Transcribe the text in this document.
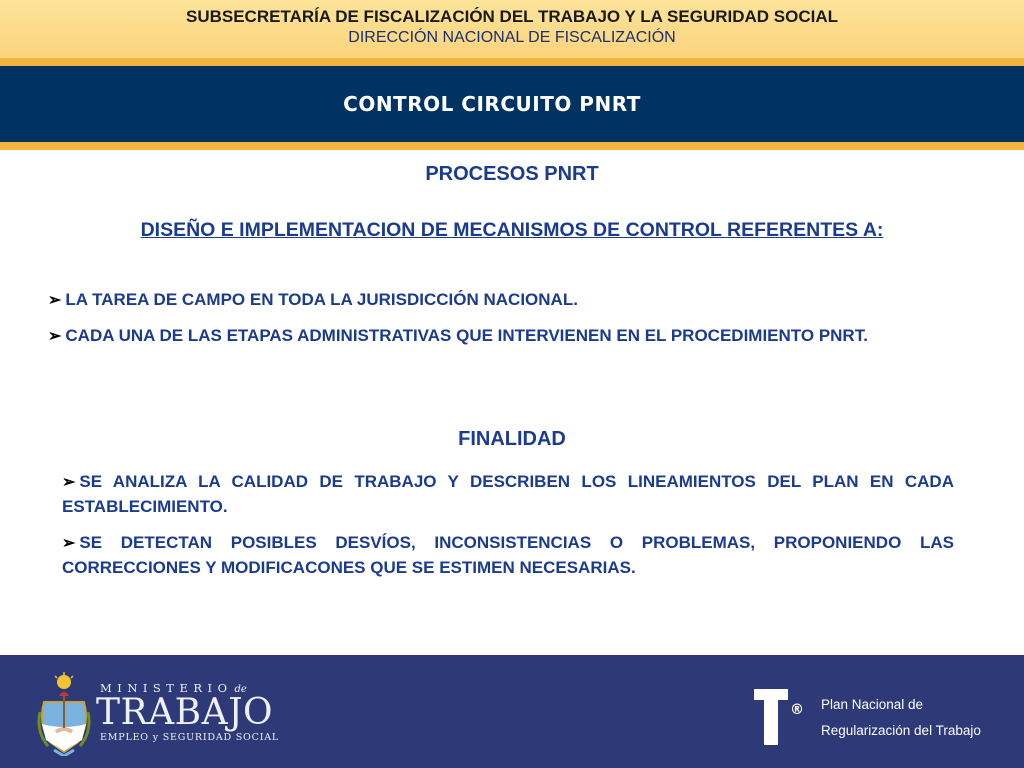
SUBSECRETARÍA DE FISCALIZACIÓN DEL TRABAJO Y LA SEGURIDAD SOCIAL
DIRECCIÓN NACIONAL DE FISCALIZACIÓN
CONTROL CIRCUITO PNRT
PROCESOS PNRT
DISEÑO E IMPLEMENTACION DE MECANISMOS DE CONTROL REFERENTES A:
➢ LA TAREA DE CAMPO EN TODA LA JURISDICCIÓN NACIONAL.
➢ CADA UNA DE LAS ETAPAS ADMINISTRATIVAS QUE INTERVIENEN EN EL PROCEDIMIENTO PNRT.
FINALIDAD
➢ SE ANALIZA LA CALIDAD DE TRABAJO Y DESCRIBEN LOS LINEAMIENTOS DEL PLAN EN CADA ESTABLECIMIENTO.
➢ SE DETECTAN POSIBLES DESVÍOS, INCONSISTENCIAS O PROBLEMAS, PROPONIENDO LAS CORRECCIONES Y MODIFICACONES QUE SE ESTIMEN NECESARIAS.
MINISTERIO de
TRABAJO
EMPLEO y SEGURIDAD SOCIAL
® Plan Nacional de
Regularización del Trabajo
